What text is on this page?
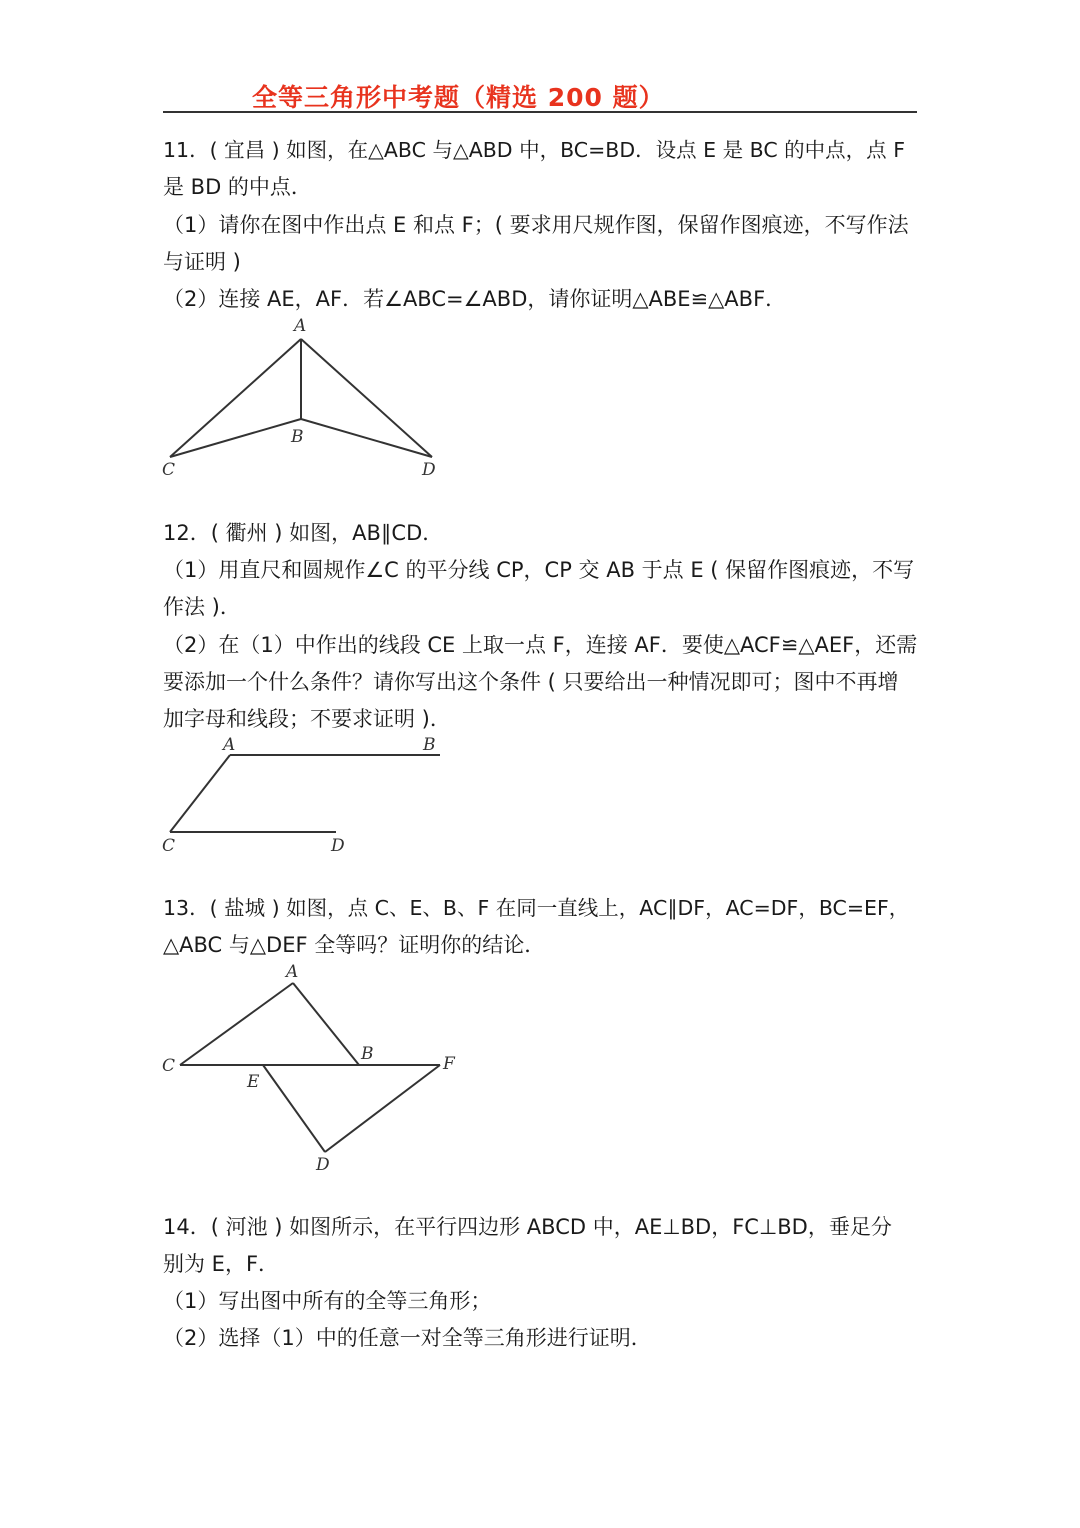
全等三角形中考题（精选 200 题）
11．( 宜昌 ) 如图，在△ABC 与△ABD 中，BC=BD．设点 E 是 BC 的中点，点 F
是 BD 的中点．
（1）请你在图中作出点 E 和点 F；( 要求用尺规作图，保留作图痕迹，不写作法
与证明 )
（2）连接 AE，AF．若∠ABC=∠ABD，请你证明△ABE≌△ABF．
A
B
C	D
12．( 衢州 ) 如图，AB∥CD．
（1）用直尺和圆规作∠C 的平分线 CP，CP 交 AB 于点 E ( 保留作图痕迹，不写
作法 )．
（2）在（1）中作出的线段 CE 上取一点 F，连接 AF．要使△ACF≌△AEF，还需
要添加一个什么条件？请你写出这个条件 ( 只要给出一种情况即可；图中不再增
加字母和线段；不要求证明 )．
A	B
C	D
13．( 盐城 ) 如图，点 C、E、B、F 在同一直线上，AC∥DF，AC=DF，BC=EF，
△ABC 与△DEF 全等吗？证明你的结论．
A
B
C
E
F
D
14．( 河池 ) 如图所示，在平行四边形 ABCD 中，AE⊥BD，FC⊥BD，垂足分
别为 E，F．
（1）写出图中所有的全等三角形；
（2）选择（1）中的任意一对全等三角形进行证明．
